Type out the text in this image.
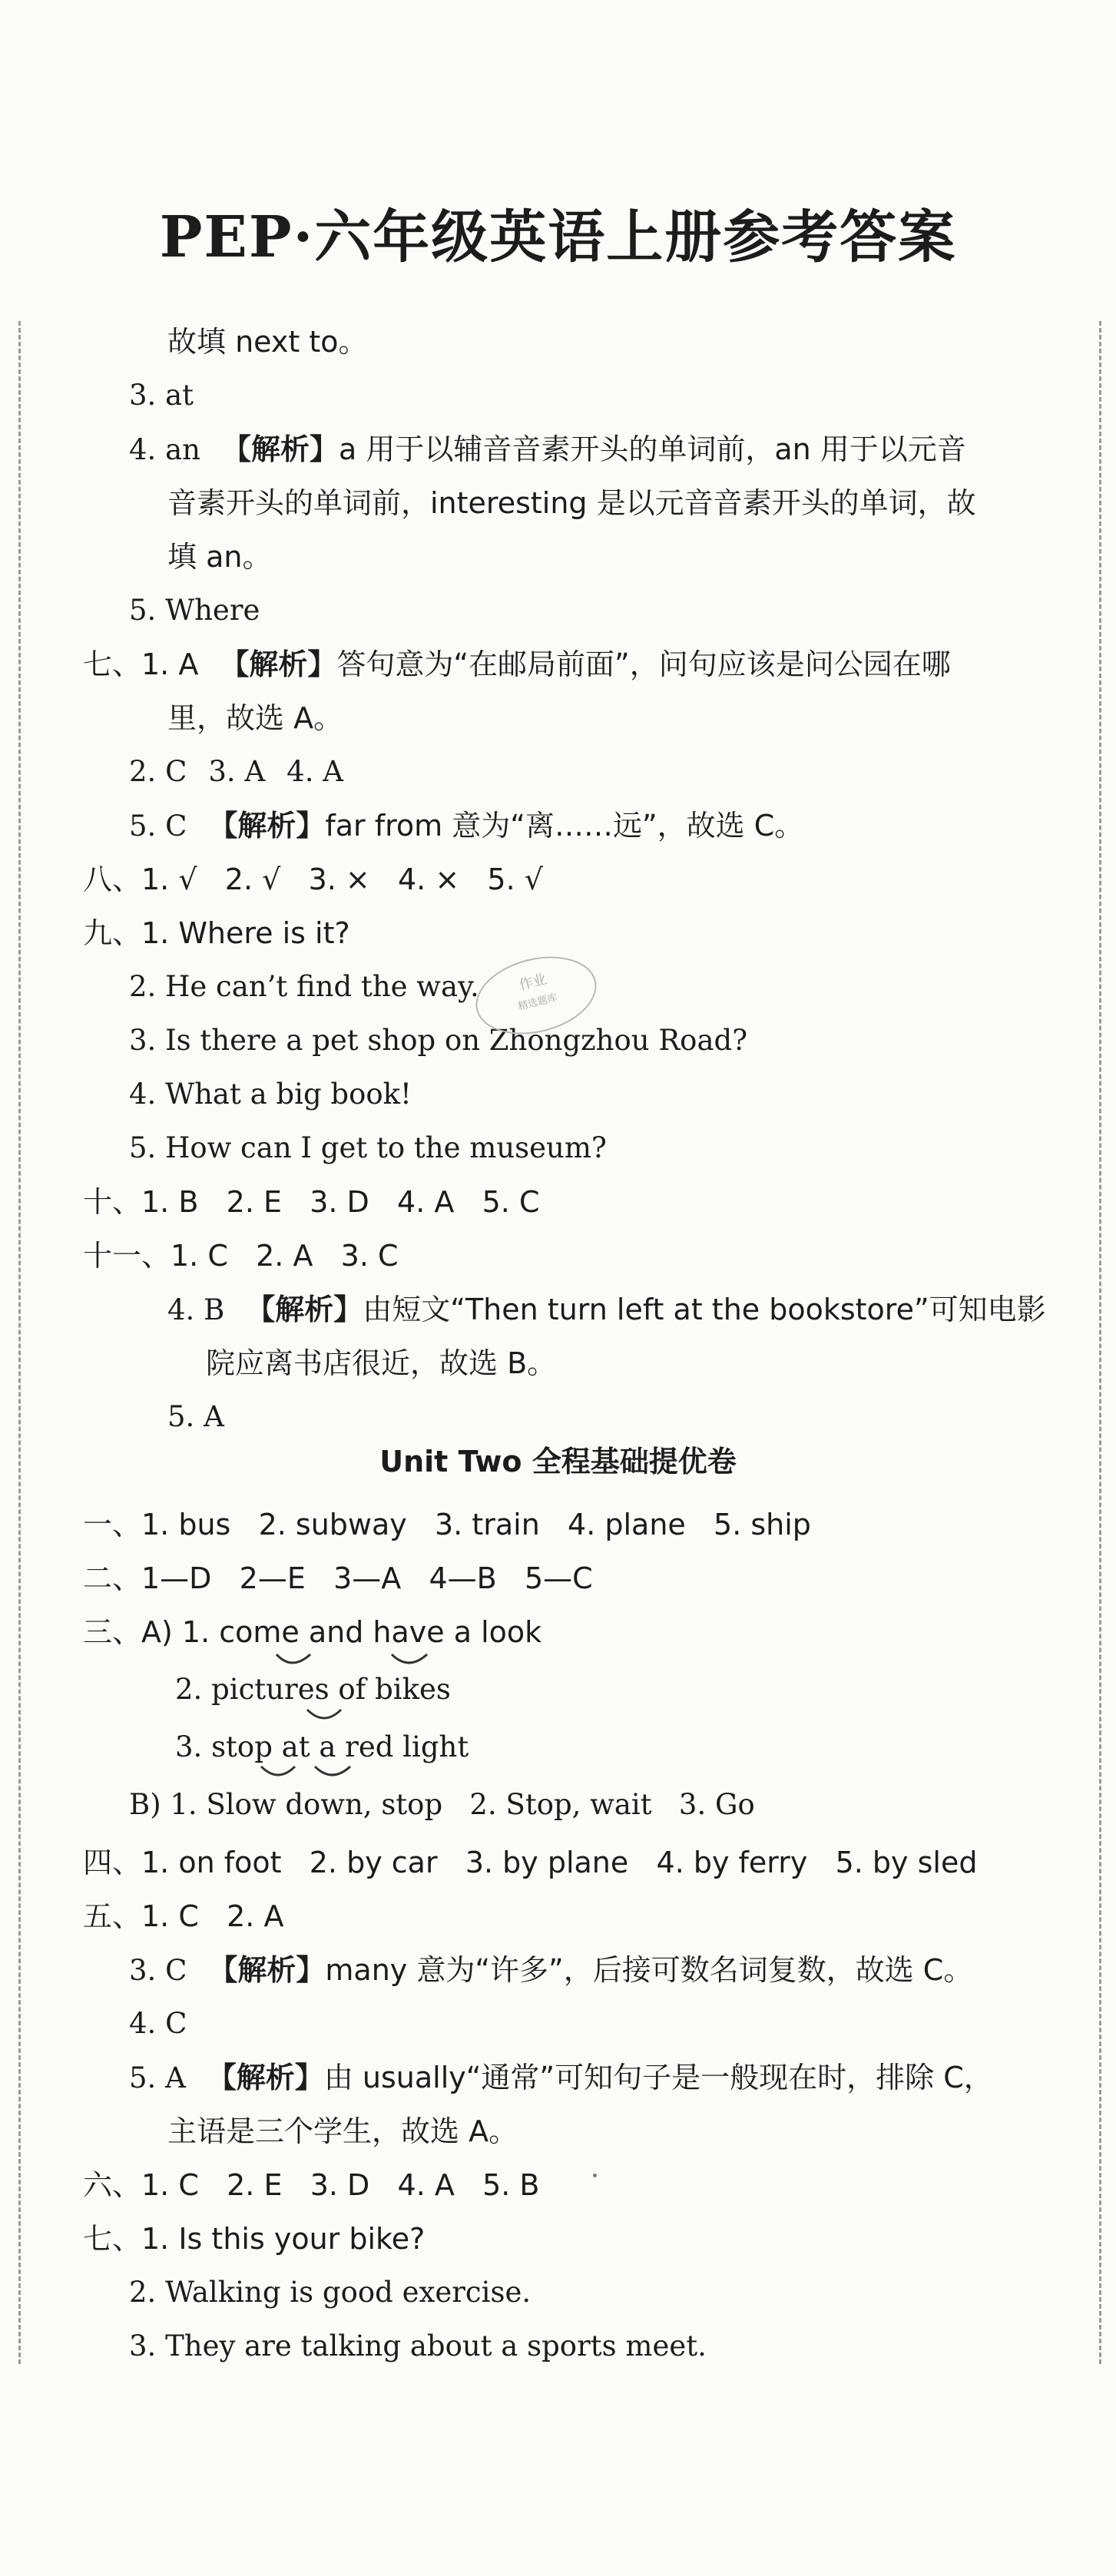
PEP·六年级英语上册参考答案

故填 next to。

3. at

4. an 【解析】a 用于以辅音音素开头的单词前，an 用于以元音

音素开头的单词前，interesting 是以元音音素开头的单词，故

填 an。

5. Where

七、1. A 【解析】答句意为“在邮局前面”，问句应该是问公园在哪

里，故选 A。

2. C 3. A 4. A

5. C 【解析】far from 意为“离……远”，故选 C。

八、1. √   2. √   3. ×   4. ×   5. √

九、1. Where is it?

2. He can’t find the way.

3. Is there a pet shop on Zhongzhou Road?

4. What a big book!

5. How can I get to the museum?

十、1. B   2. E   3. D   4. A   5. C

十一、1. C   2. A   3. C

4. B 【解析】由短文“Then turn left at the bookstore”可知电影

院应离书店很近，故选 B。

5. A

作业
精选题库
Unit Two 全程基础提优卷

一、1. bus   2. subway   3. train   4. plane   5. ship

二、1—D   2—E   3—A   4—B   5—C

三、A) 1. come and have a look

2. pictures of bikes

3. stop at a red light

B) 1. Slow down, stop   2. Stop, wait   3. Go

四、1. on foot   2. by car   3. by plane   4. by ferry   5. by sled

五、1. C   2. A

3. C 【解析】many 意为“许多”，后接可数名词复数，故选 C。

4. C

5. A 【解析】由 usually“通常”可知句子是一般现在时，排除 C，

主语是三个学生，故选 A。

六、1. C   2. E   3. D   4. A   5. B

七、1. Is this your bike?

2. Walking is good exercise.

3. They are talking about a sports meet.
